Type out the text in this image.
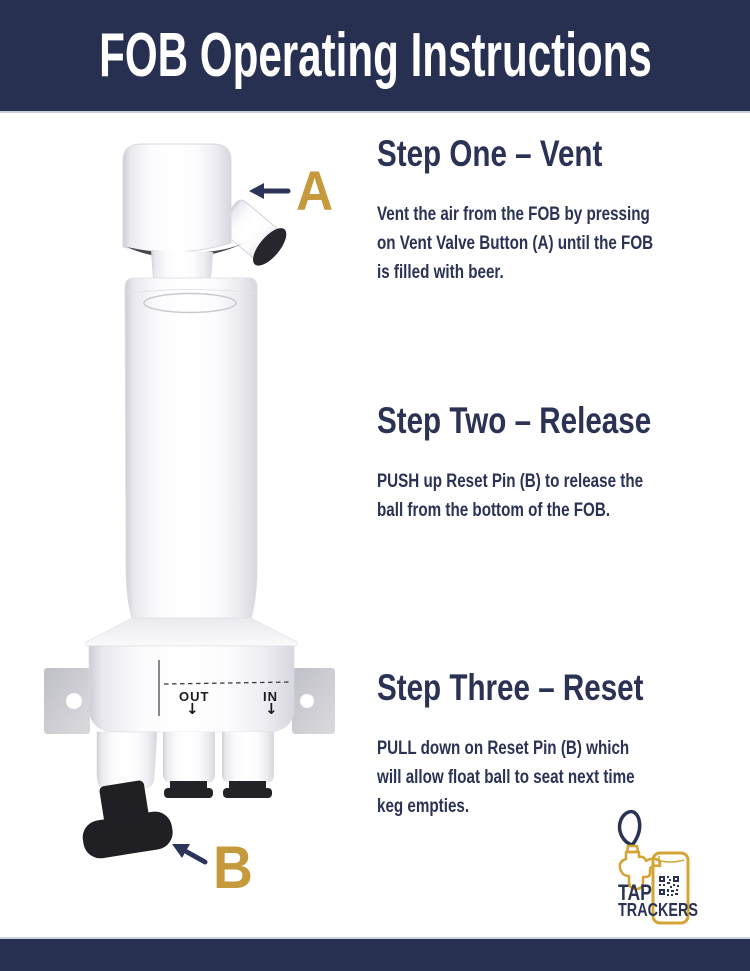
FOB Operating Instructions
A
B
OUT	IN
↓	↓
Step One – Vent
Vent the air from the FOB by pressing
on Vent Valve Button (A) until the FOB
is filled with beer.
Step Two – Release
PUSH up Reset Pin (B) to release the
ball from the bottom of the FOB.
Step Three – Reset
PULL down on Reset Pin (B) which
will allow float ball to seat next time
keg empties.
TAP
TRACKERS
